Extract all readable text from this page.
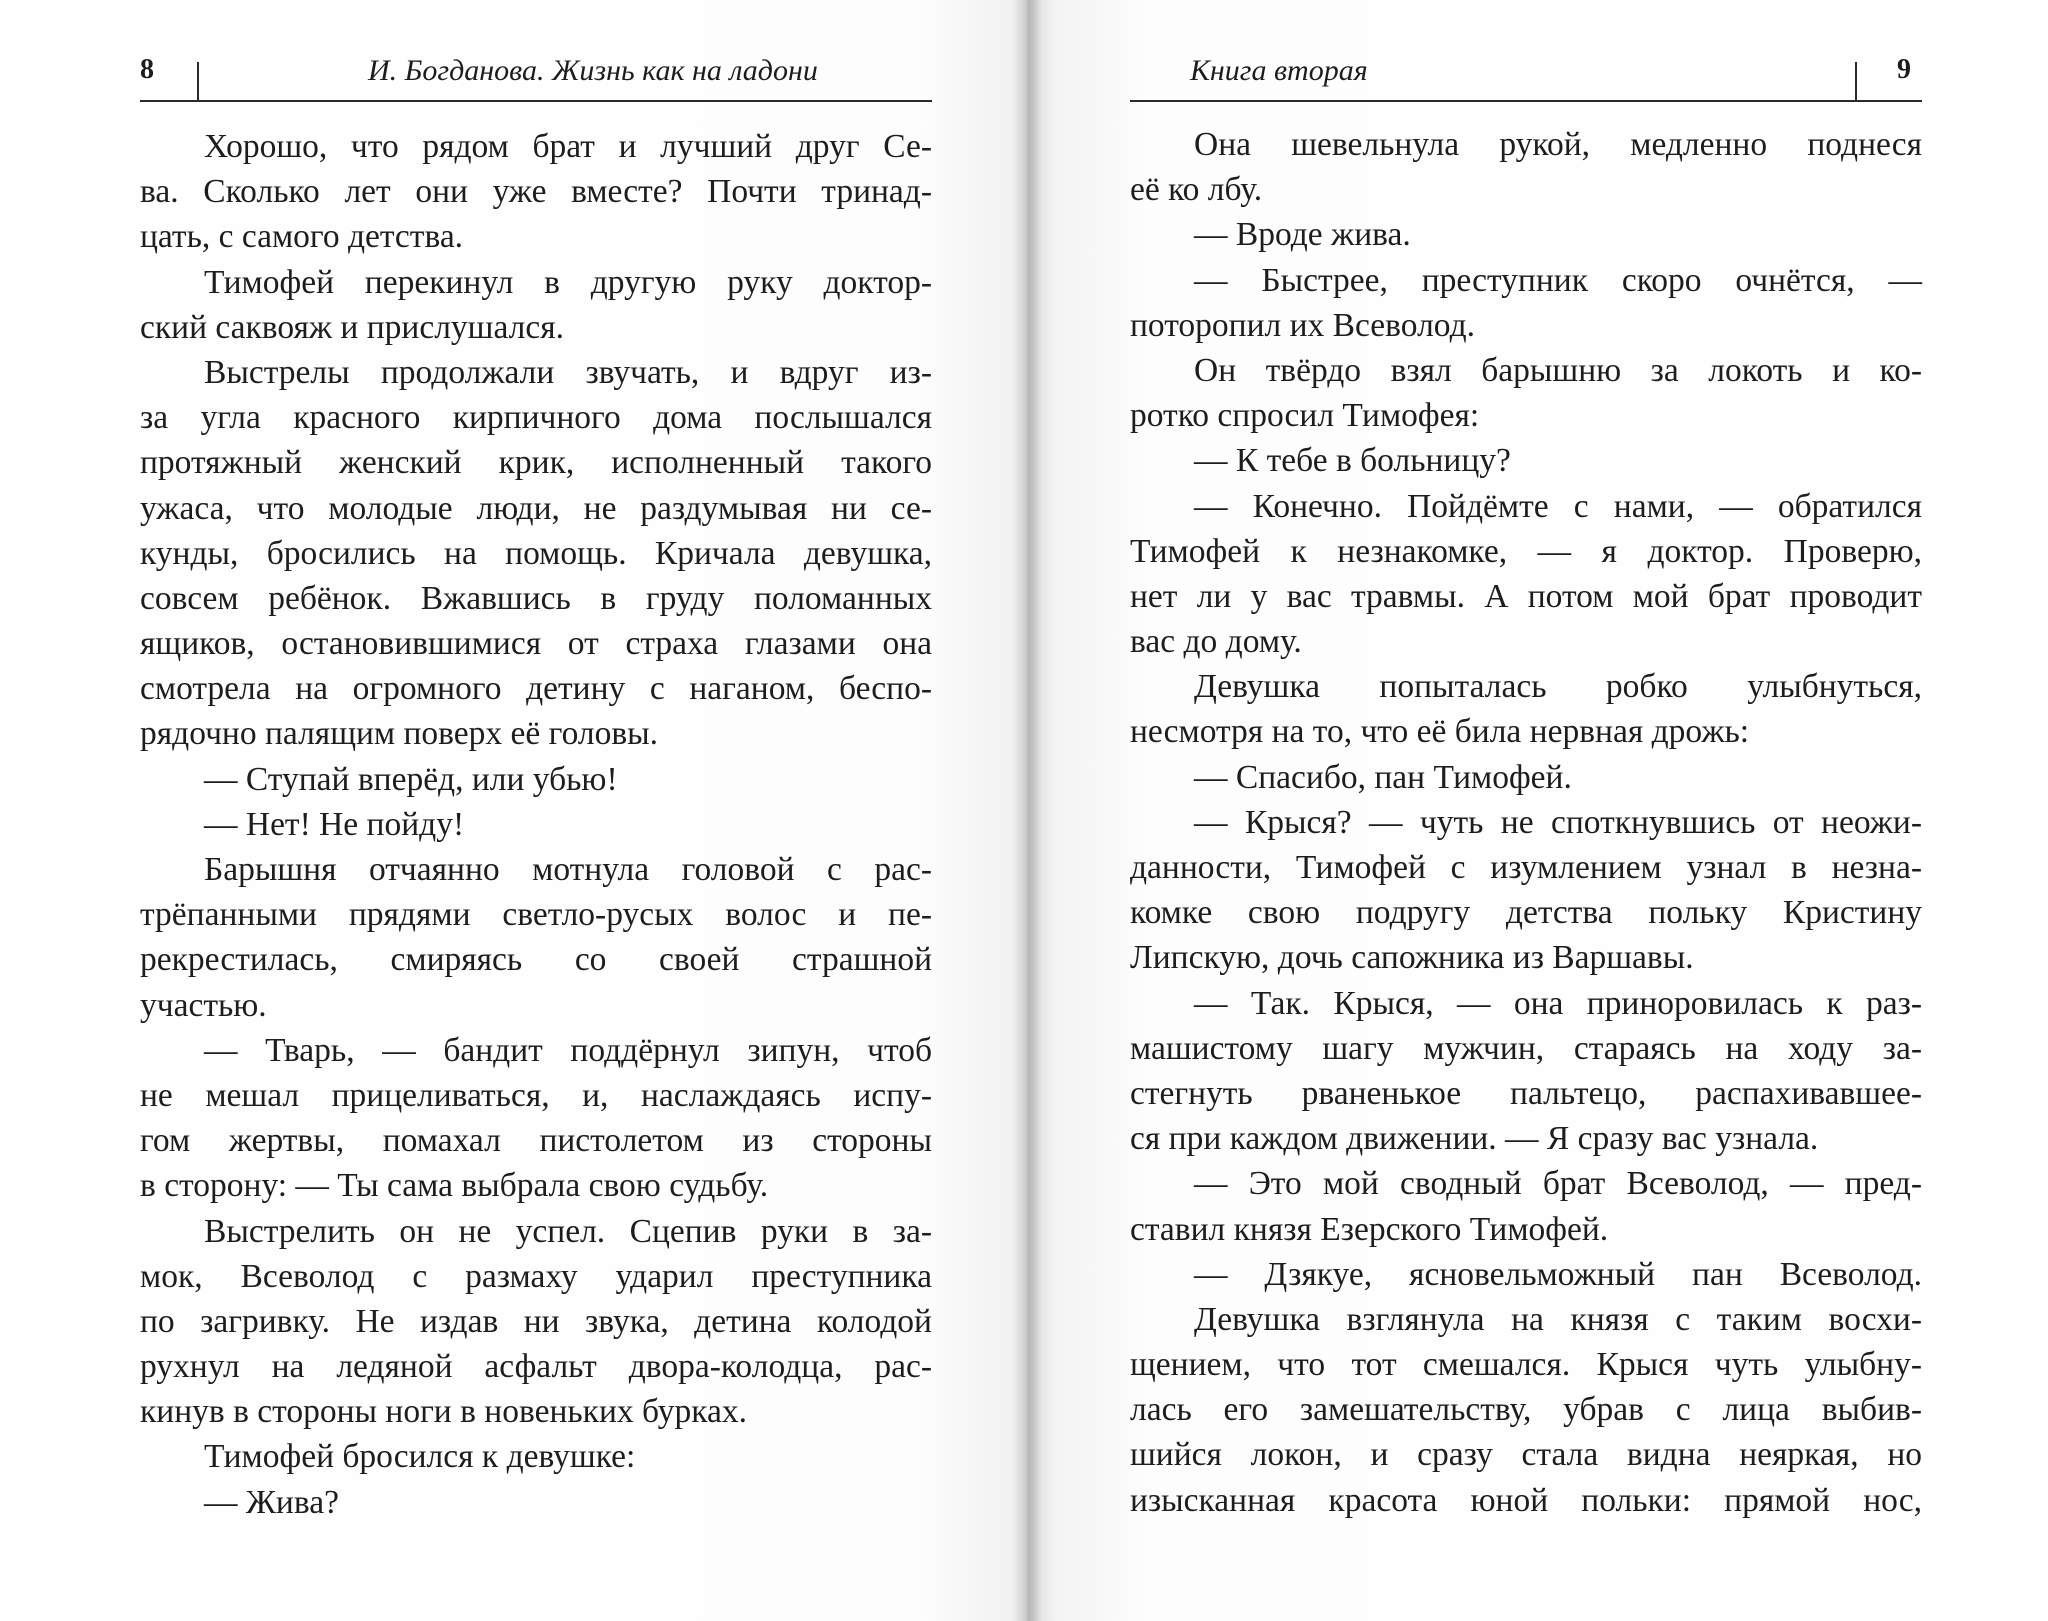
8	И. Богданова. Жизнь как на ладони
Хорошо, что рядом брат и лучший друг Се-
ва. Сколько лет они уже вместе? Почти тринад-
цать, с самого детства.
Тимофей перекинул в другую руку доктор-
ский саквояж и прислушался.
Выстрелы продолжали звучать, и вдруг из-
за угла красного кирпичного дома послышался
протяжный женский крик, исполненный такого
ужаса, что молодые люди, не раздумывая ни се-
кунды, бросились на помощь. Кричала девушка,
совсем ребёнок. Вжавшись в груду поломанных
ящиков, остановившимися от страха глазами она
смотрела на огромного детину с наганом, беспо-
рядочно палящим поверх её головы.
— Ступай вперёд, или убью!
— Нет! Не пойду!
Барышня отчаянно мотнула головой с рас-
трёпанными прядями светло-русых волос и пе-
рекрестилась, смиряясь со своей страшной
участью.
— Тварь, — бандит поддёрнул зипун, чтоб
не мешал прицеливаться, и, наслаждаясь испу-
гом жертвы, помахал пистолетом из стороны
в сторону: — Ты сама выбрала свою судьбу.
Выстрелить он не успел. Сцепив руки в за-
мок, Всеволод с размаху ударил преступника
по загривку. Не издав ни звука, детина колодой
рухнул на ледяной асфальт двора-колодца, рас-
кинув в стороны ноги в новеньких бурках.
Тимофей бросился к девушке:
— Жива?
Книга вторая	9
Она шевельнула рукой, медленно поднеся
её ко лбу.
— Вроде жива.
— Быстрее, преступник скоро очнётся, —
поторопил их Всеволод.
Он твёрдо взял барышню за локоть и ко-
ротко спросил Тимофея:
— К тебе в больницу?
— Конечно. Пойдёмте с нами, — обратился
Тимофей к незнакомке, — я доктор. Проверю,
нет ли у вас травмы. А потом мой брат проводит
вас до дому.
Девушка попыталась робко улыбнуться,
несмотря на то, что её била нервная дрожь:
— Спасибо, пан Тимофей.
— Крыся? — чуть не споткнувшись от неожи-
данности, Тимофей с изумлением узнал в незна-
комке свою подругу детства польку Кристину
Липскую, дочь сапожника из Варшавы.
— Так. Крыся, — она приноровилась к раз-
машистому шагу мужчин, стараясь на ходу за-
стегнуть рваненькое пальтецо, распахивавшее-
ся при каждом движении. — Я сразу вас узнала.
— Это мой сводный брат Всеволод, — пред-
ставил князя Езерского Тимофей.
— Дзякуе, ясновельможный пан Всеволод.
Девушка взглянула на князя с таким восхи-
щением, что тот смешался. Крыся чуть улыбну-
лась его замешательству, убрав с лица выбив-
шийся локон, и сразу стала видна неяркая, но
изысканная красота юной польки: прямой нос,
